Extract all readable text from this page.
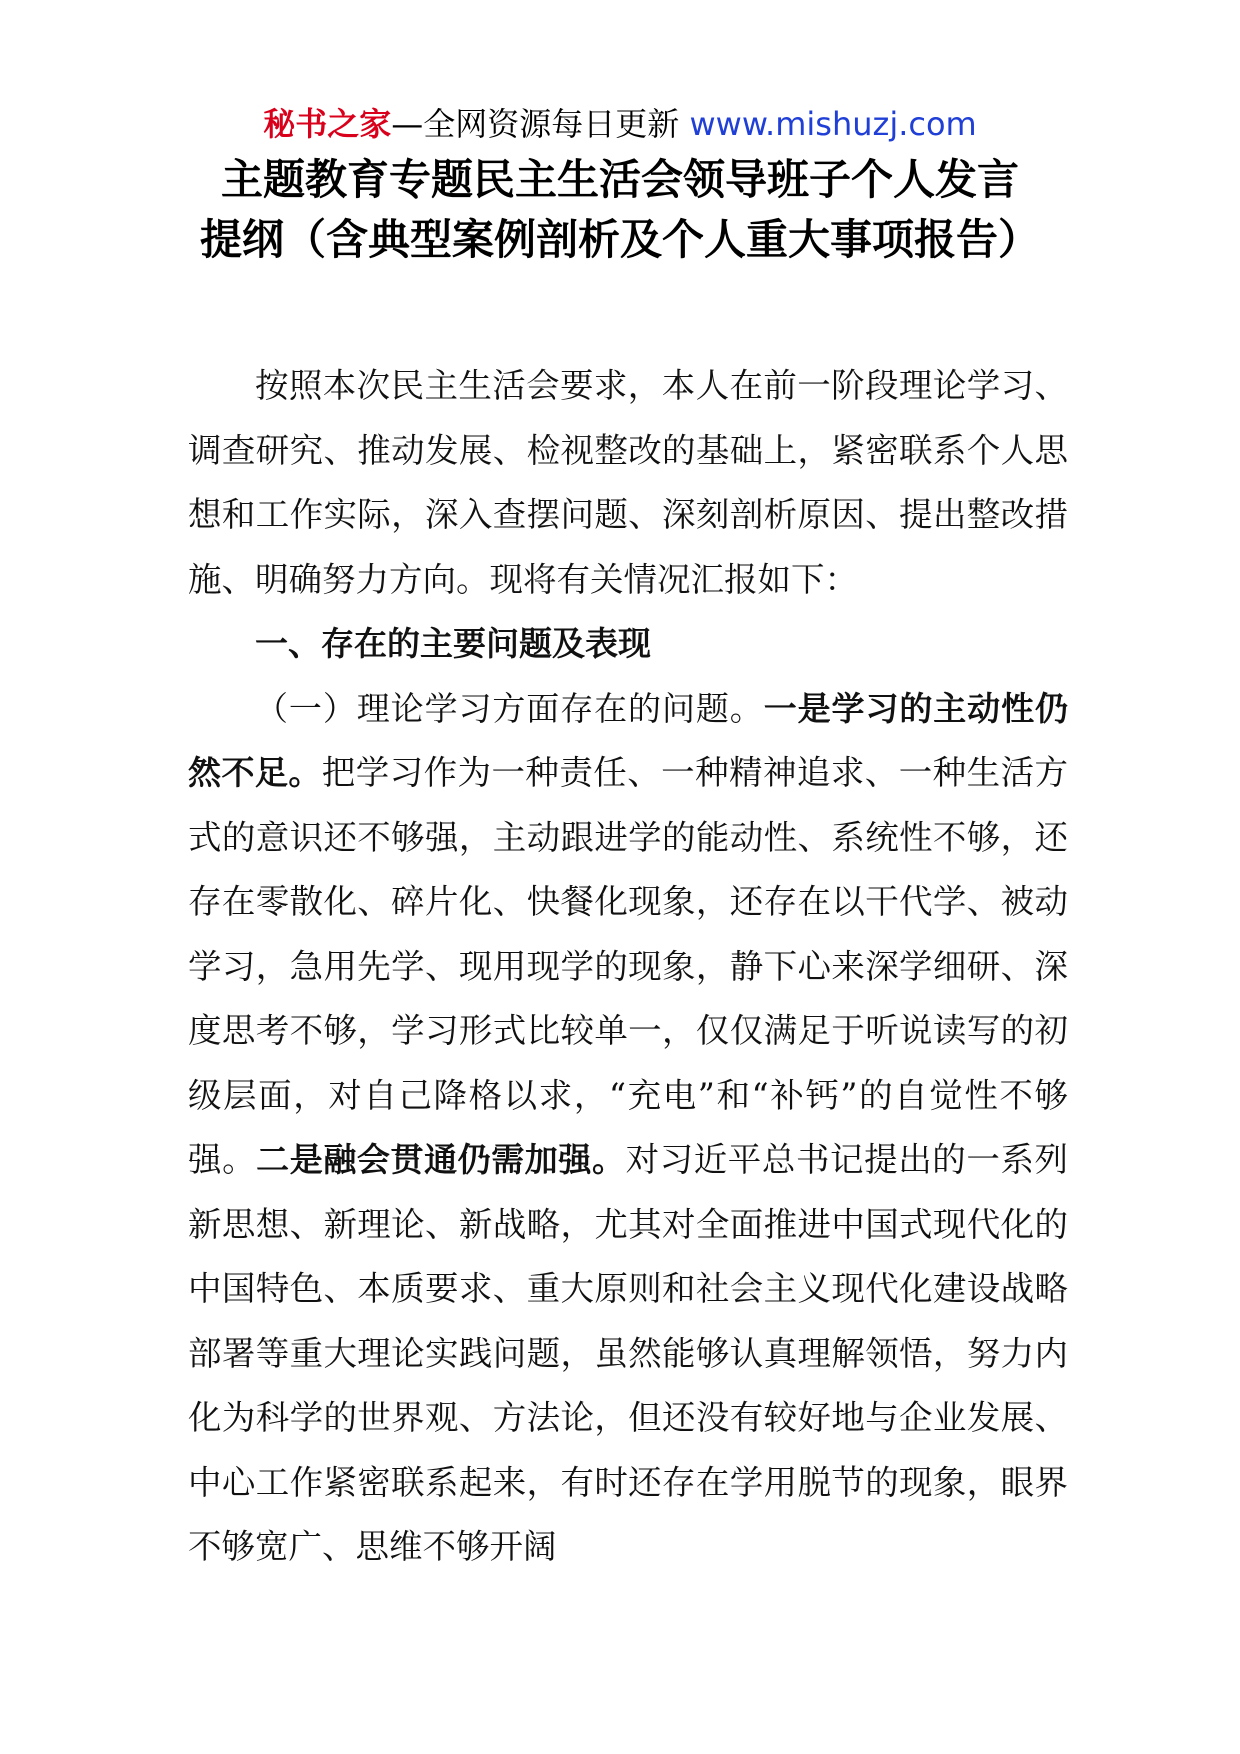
秘书之家—全网资源每日更新 www.mishuzj.com
主题教育专题民主生活会领导班子个人发言
提纲（含典型案例剖析及个人重大事项报告）

按照本次民主生活会要求，本人在前一阶段理论学习、调查研究、推动发展、检视整改的基础上，紧密联系个人思想和工作实际，深入查摆问题、深刻剖析原因、提出整改措施、明确努力方向。现将有关情况汇报如下：

一、存在的主要问题及表现

（一）理论学习方面存在的问题。一是学习的主动性仍然不足。把学习作为一种责任、一种精神追求、一种生活方式的意识还不够强，主动跟进学的能动性、系统性不够，还存在零散化、碎片化、快餐化现象，还存在以干代学、被动学习，急用先学、现用现学的现象，静下心来深学细研、深度思考不够，学习形式比较单一，仅仅满足于听说读写的初级层面，对自己降格以求，“充电”和“补钙”的自觉性不够强。二是融会贯通仍需加强。对习近平总书记提出的一系列新思想、新理论、新战略，尤其对全面推进中国式现代化的中国特色、本质要求、重大原则和社会主义现代化建设战略部署等重大理论实践问题，虽然能够认真理解领悟，努力内化为科学的世界观、方法论，但还没有较好地与企业发展、中心工作紧密联系起来，有时还存在学用脱节的现象，眼界不够宽广、思维不够开阔
